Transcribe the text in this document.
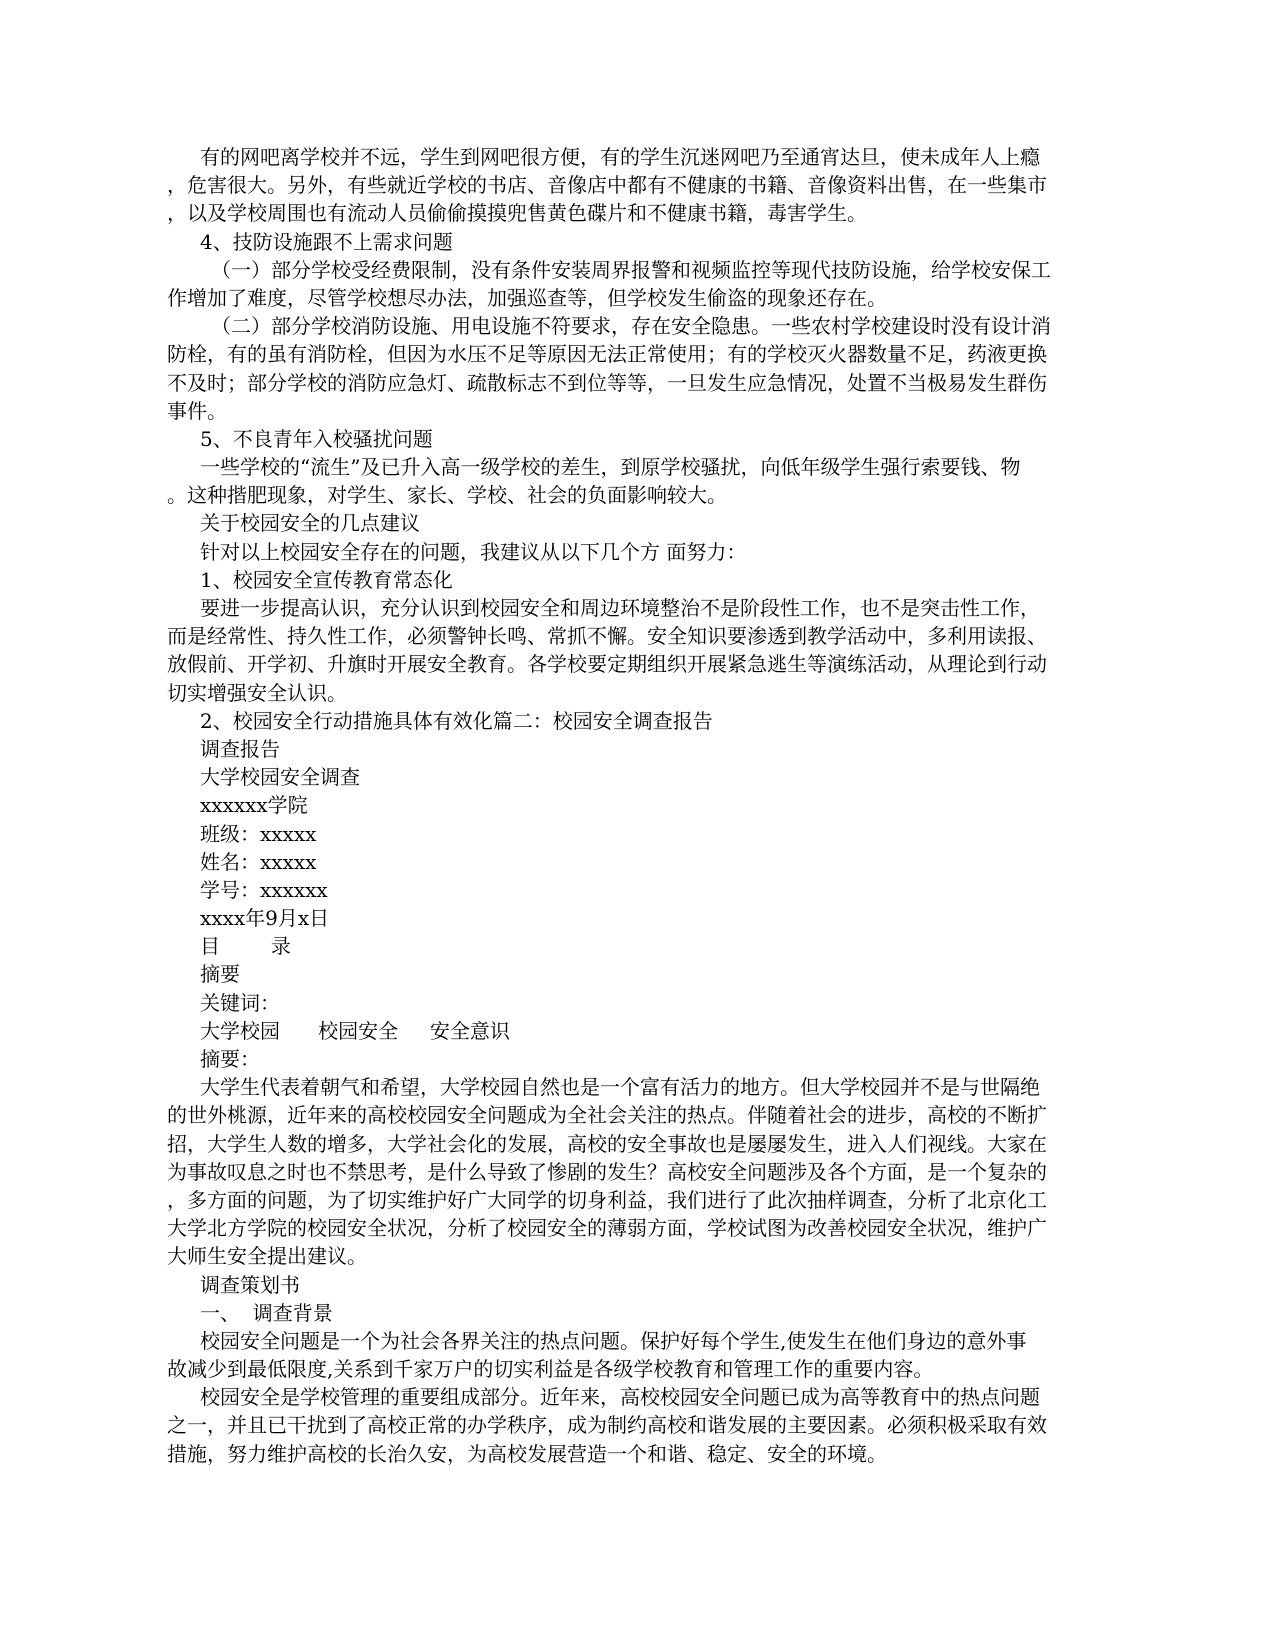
有的网吧离学校并不远，学生到网吧很方便，有的学生沉迷网吧乃至通宵达旦，使未成年人上瘾
，危害很大。另外，有些就近学校的书店、音像店中都有不健康的书籍、音像资料出售，在一些集市
，以及学校周围也有流动人员偷偷摸摸兜售黄色碟片和不健康书籍，毒害学生。
4、技防设施跟不上需求问题
（一）部分学校受经费限制，没有条件安装周界报警和视频监控等现代技防设施，给学校安保工
作增加了难度，尽管学校想尽办法，加强巡查等，但学校发生偷盗的现象还存在。
（二）部分学校消防设施、用电设施不符要求，存在安全隐患。一些农村学校建设时没有设计消
防栓，有的虽有消防栓，但因为水压不足等原因无法正常使用；有的学校灭火器数量不足，药液更换
不及时；部分学校的消防应急灯、疏散标志不到位等等，一旦发生应急情况，处置不当极易发生群伤
事件。
5、不良青年入校骚扰问题
一些学校的“流生”及已升入高一级学校的差生，到原学校骚扰，向低年级学生强行索要钱、物
。这种揩肥现象，对学生、家长、学校、社会的负面影响较大。
关于校园安全的几点建议
针对以上校园安全存在的问题，我建议从以下几个方 面努力：
1、校园安全宣传教育常态化
要进一步提高认识，充分认识到校园安全和周边环境整治不是阶段性工作，也不是突击性工作，
而是经常性、持久性工作，必须警钟长鸣、常抓不懈。安全知识要渗透到教学活动中，多利用读报、
放假前、开学初、升旗时开展安全教育。各学校要定期组织开展紧急逃生等演练活动，从理论到行动
切实增强安全认识。
2、校园安全行动措施具体有效化篇二：校园安全调查报告
调查报告
大学校园安全调查
xxxxxx学院
班级：xxxxx
姓名：xxxxx
学号：xxxxxx
xxxx年9月x日
目        录
摘要
关键词：
大学校园      校园安全     安全意识
摘要：
大学生代表着朝气和希望，大学校园自然也是一个富有活力的地方。但大学校园并不是与世隔绝
的世外桃源，近年来的高校校园安全问题成为全社会关注的热点。伴随着社会的进步，高校的不断扩
招，大学生人数的增多，大学社会化的发展，高校的安全事故也是屡屡发生，进入人们视线。大家在
为事故叹息之时也不禁思考，是什么导致了惨剧的发生？高校安全问题涉及各个方面，是一个复杂的
，多方面的问题，为了切实维护好广大同学的切身利益，我们进行了此次抽样调查，分析了北京化工
大学北方学院的校园安全状况，分析了校园安全的薄弱方面，学校试图为改善校园安全状况，维护广
大师生安全提出建议。
调查策划书
一、  调查背景
校园安全问题是一个为社会各界关注的热点问题。保护好每个学生,使发生在他们身边的意外事
故减少到最低限度,关系到千家万户的切实利益是各级学校教育和管理工作的重要内容。
校园安全是学校管理的重要组成部分。近年来，高校校园安全问题已成为高等教育中的热点问题
之一，并且已干扰到了高校正常的办学秩序，成为制约高校和谐发展的主要因素。必须积极采取有效
措施，努力维护高校的长治久安，为高校发展营造一个和谐、稳定、安全的环境。
